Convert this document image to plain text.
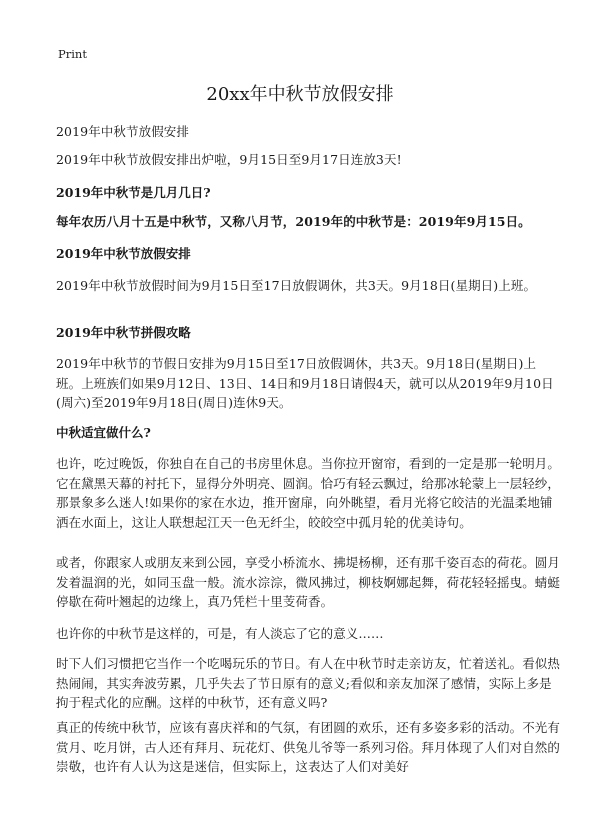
Print
20xx年中秋节放假安排
2019年中秋节放假安排
2019年中秋节放假安排出炉啦，9月15日至9月17日连放3天!
2019年中秋节是几月几日?
每年农历八月十五是中秋节，又称八月节，2019年的中秋节是：2019年9月15日。
2019年中秋节放假安排
2019年中秋节放假时间为9月15日至17日放假调休，共3天。9月18日(星期日)上班。
2019年中秋节拼假攻略
2019年中秋节的节假日安排为9月15日至17日放假调休，共3天。9月18日(星期日)上班。上班族们如果9月12日、13日、14日和9月18日请假4天，就可以从2019年9月10日(周六)至2019年9月18日(周日)连休9天。
中秋适宜做什么?
也许，吃过晚饭，你独自在自己的书房里休息。当你拉开窗帘，看到的一定是那一轮明月。它在黛黑天幕的衬托下，显得分外明亮、圆润。恰巧有轻云飘过，给那冰轮蒙上一层轻纱，那景象多么迷人!如果你的家在水边，推开窗扉，向外眺望，看月光将它皎洁的光温柔地铺洒在水面上，这让人联想起江天一色无纤尘，皎皎空中孤月轮的优美诗句。
或者，你跟家人或朋友来到公园，享受小桥流水、拂堤杨柳，还有那千姿百态的荷花。圆月发着温润的光，如同玉盘一般。流水淙淙，微风拂过，柳枝婀娜起舞，荷花轻轻摇曳。蜻蜓停歇在荷叶翘起的边缘上，真乃凭栏十里芰荷香。
也许你的中秋节是这样的，可是，有人淡忘了它的意义……
时下人们习惯把它当作一个吃喝玩乐的节日。有人在中秋节时走亲访友，忙着送礼。看似热热闹闹，其实奔波劳累，几乎失去了节日原有的意义;看似和亲友加深了感情，实际上多是拘于程式化的应酬。这样的中秋节，还有意义吗?
真正的传统中秋节，应该有喜庆祥和的气氛，有团圆的欢乐，还有多姿多彩的活动。不光有赏月、吃月饼，古人还有拜月、玩花灯、供兔儿爷等一系列习俗。拜月体现了人们对自然的崇敬，也许有人认为这是迷信，但实际上，这表达了人们对美好
